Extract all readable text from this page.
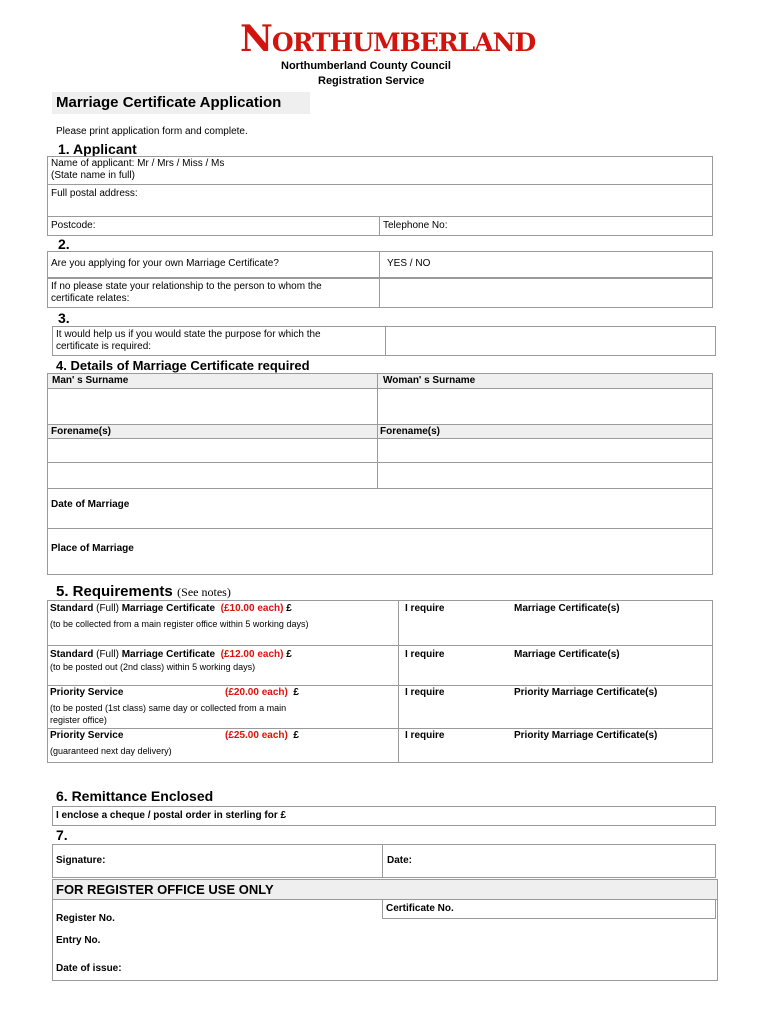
Northumberland
Northumberland County Council
Registration Service
Marriage Certificate Application
Please print application form and complete.
1. Applicant
Name of applicant: Mr / Mrs / Miss / Ms
(State name in full)
Full postal address:
Postcode:	Telephone No:
2.
Are you applying for your own Marriage Certificate?	YES / NO
If no please state your relationship to the person to whom the
certificate relates:
3.
It would help us if you would state the purpose for which the
certificate is required:
4. Details of Marriage Certificate required
Man' s Surname	Woman' s Surname
Forename(s)	Forename(s)
Date of Marriage
Place of Marriage
5. Requirements (See notes)
Standard (Full) Marriage Certificate (£10.00 each) £
(to be collected from a main register office within 5 working days)
I require	Marriage Certificate(s)
Standard (Full) Marriage Certificate (£12.00 each) £
(to be posted out (2nd class) within 5 working days)
I require	Marriage Certificate(s)
Priority Service	(£20.00 each) £
(to be posted (1st class) same day or collected from a main
register office)
I require	Priority Marriage Certificate(s)
Priority Service	(£25.00 each) £
(guaranteed next day delivery)
I require	Priority Marriage Certificate(s)
6. Remittance Enclosed
I enclose a cheque / postal order in sterling for £
7.
Signature:	Date:
FOR REGISTER OFFICE USE ONLY
Register No.
Certificate No.
Entry No.
Date of issue:
